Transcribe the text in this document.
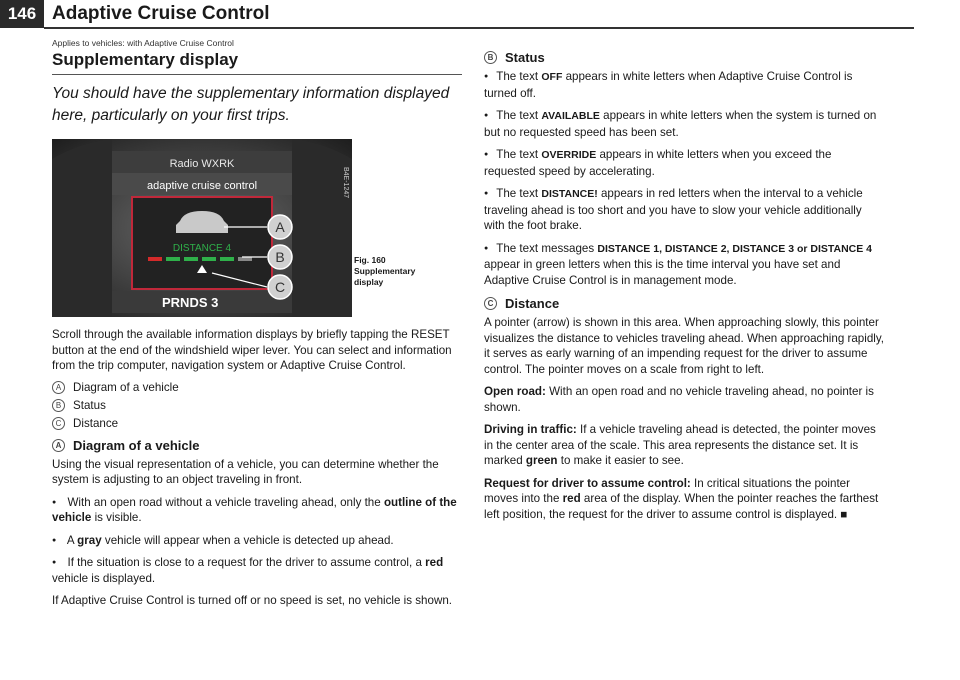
146 Adaptive Cruise Control
Applies to vehicles: with Adaptive Cruise Control
Supplementary display
You should have the supplementary information displayed here, particularly on your first trips.
Radio WXRK
adaptive cruise control
DISTANCE 4
PRNDS 3
A
B
C
B4E-1247
Fig. 160 Supplementary display

Scroll through the available information displays by briefly tapping the RESET button at the end of the windshield wiper lever. You can select and information from the trip computer, navigation system or Adaptive Cruise Control.

A	Diagram of a vehicle
B	Status
C	Distance
A Diagram of a vehicle

Using the visual representation of a vehicle, you can determine whether the system is adjusting to an object traveling in front.

● With an open road without a vehicle traveling ahead, only the outline of the vehicle is visible.

● A gray vehicle will appear when a vehicle is detected up ahead.

● If the situation is close to a request for the driver to assume control, a red vehicle is displayed.

If Adaptive Cruise Control is turned off or no speed is set, no vehicle is shown.

B Status

● The text OFF appears in white letters when Adaptive Cruise Control is turned off.

● The text AVAILABLE appears in white letters when the system is turned on but no requested speed has been set.

● The text OVERRIDE appears in white letters when you exceed the requested speed by accelerating.

● The text DISTANCE! appears in red letters when the interval to a vehicle traveling ahead is too short and you have to slow your vehicle additionally with the foot brake.

● The text messages DISTANCE 1, DISTANCE 2, DISTANCE 3 or DISTANCE 4 appear in green letters when this is the time interval you have set and Adaptive Cruise Control is in management mode.

C Distance

A pointer (arrow) is shown in this area. When approaching slowly, this pointer visualizes the distance to vehicles traveling ahead. When approaching rapidly, it serves as early warning of an impending request for the driver to assume control. The pointer moves on a scale from right to left.

Open road: With an open road and no vehicle traveling ahead, no pointer is shown.

Driving in traffic: If a vehicle traveling ahead is detected, the pointer moves in the center area of the scale. This area represents the distance set. It is marked green to make it easier to see.

Request for driver to assume control: In critical situations the pointer moves into the red area of the display. When the pointer reaches the farthest left position, the request for the driver to assume control is displayed. ■
